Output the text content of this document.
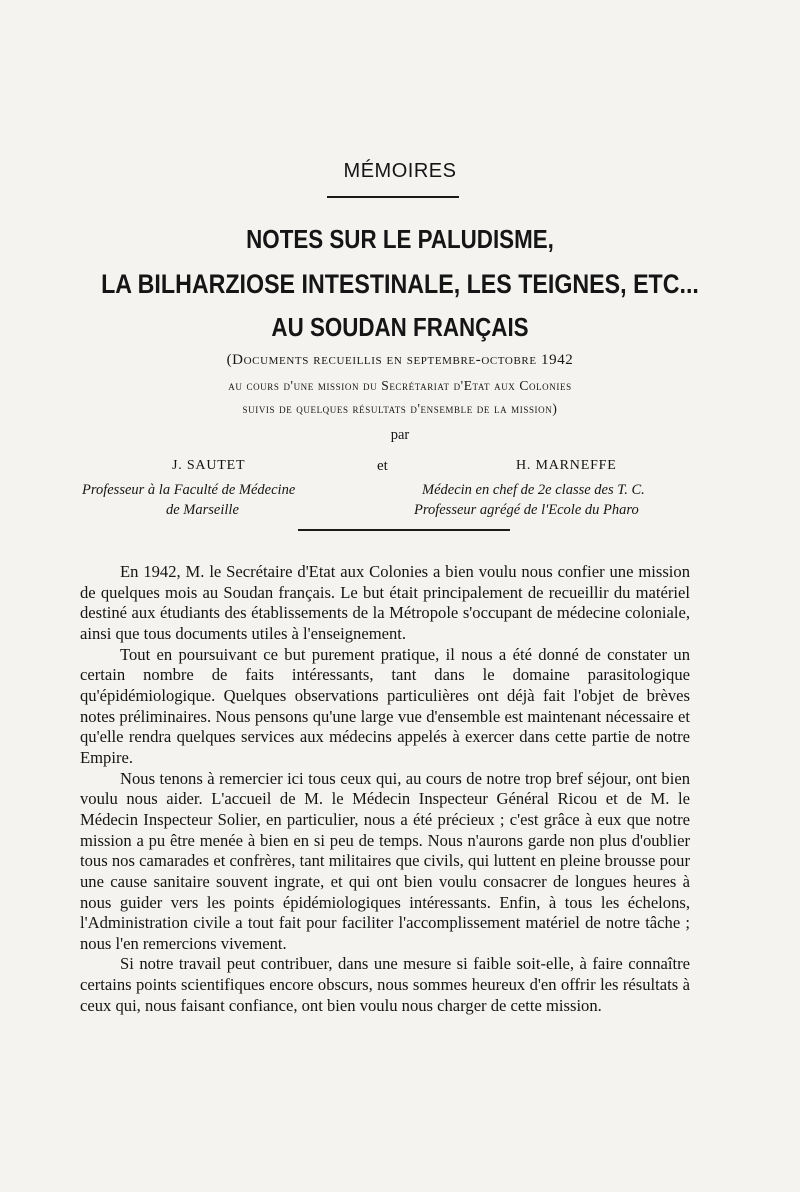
MÉMOIRES
NOTES SUR LE PALUDISME,
LA BILHARZIOSE INTESTINALE, LES TEIGNES, ETC...
AU SOUDAN FRANÇAIS
(Documents recueillis en septembre-octobre 1942
au cours d'une mission du Secrétariat d'Etat aux Colonies
suivis de quelques résultats d'ensemble de la mission)
par
J. SAUTET	et	H. MARNEFFE
Professeur à la Faculté de Médecine
de Marseille
Médecin en chef de 2e classe des T. C.
Professeur agrégé de l'Ecole du Pharo

En 1942, M. le Secrétaire d'Etat aux Colonies a bien voulu nous confier une mission de quelques mois au Soudan français. Le but était principalement de recueillir du matériel destiné aux étudiants des établissements de la Métropole s'occupant de médecine coloniale, ainsi que tous documents utiles à l'enseignement.

Tout en poursuivant ce but purement pratique, il nous a été donné de constater un certain nombre de faits intéressants, tant dans le domaine parasitologique qu'épidémiologique. Quelques observations particulières ont déjà fait l'objet de brèves notes préliminaires. Nous pensons qu'une large vue d'ensemble est maintenant nécessaire et qu'elle rendra quelques services aux médecins appelés à exercer dans cette partie de notre Empire.

Nous tenons à remercier ici tous ceux qui, au cours de notre trop bref séjour, ont bien voulu nous aider. L'accueil de M. le Médecin Inspecteur Général Ricou et de M. le Médecin Inspecteur Solier, en particulier, nous a été précieux ; c'est grâce à eux que notre mission a pu être menée à bien en si peu de temps. Nous n'aurons garde non plus d'oublier tous nos camarades et confrères, tant militaires que civils, qui luttent en pleine brousse pour une cause sanitaire souvent ingrate, et qui ont bien voulu consacrer de longues heures à nous guider vers les points épidémiologiques intéressants. Enfin, à tous les échelons, l'Administration civile a tout fait pour faciliter l'accomplissement matériel de notre tâche ; nous l'en remercions vivement.

Si notre travail peut contribuer, dans une mesure si faible soit-elle, à faire connaître certains points scientifiques encore obscurs, nous sommes heureux d'en offrir les résultats à ceux qui, nous faisant confiance, ont bien voulu nous charger de cette mission.
